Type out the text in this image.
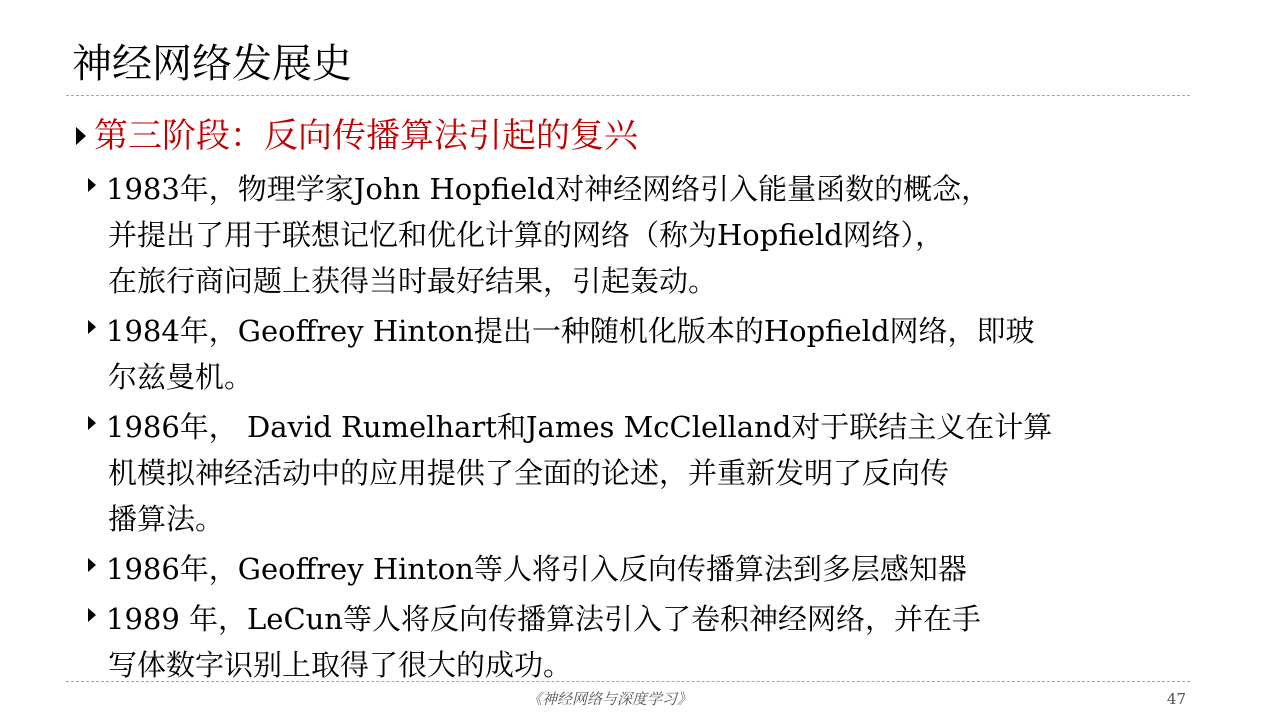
神经网络发展史
第三阶段：反向传播算法引起的复兴
1983年，物理学家John Hopfield对神经网络引入能量函数的概念，
并提出了用于联想记忆和优化计算的网络（称为Hopfield网络），
在旅行商问题上获得当时最好结果，引起轰动。
1984年，Geoffrey Hinton提出一种随机化版本的Hopfield网络，即玻
尔兹曼机。
1986年， David Rumelhart和James McClelland对于联结主义在计算
机模拟神经活动中的应用提供了全面的论述，并重新发明了反向传
播算法。
1986年，Geoffrey Hinton等人将引入反向传播算法到多层感知器
1989 年，LeCun等人将反向传播算法引入了卷积神经网络，并在手
写体数字识别上取得了很大的成功。
《神经网络与深度学习》	47
